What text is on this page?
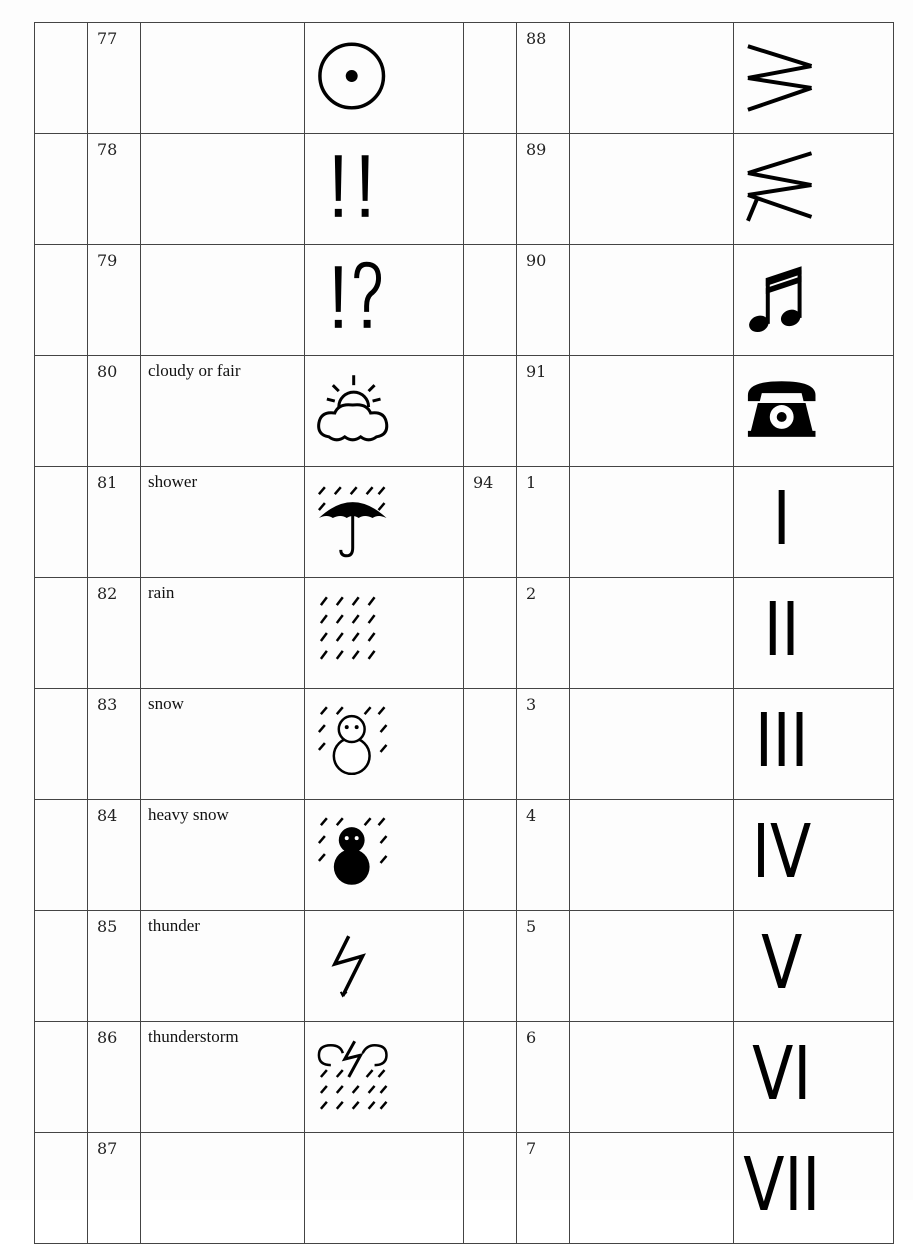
	77				88		

	78				89		

	79				90		

	80	cloudy or fair			91		

	81	shower		94	1		I

	82	rain			2		II

	83	snow			3		III

	84	heavy snow			4		IV

	85	thunder			5		V

	86	thunderstorm			6		VI

	87				7		VII
